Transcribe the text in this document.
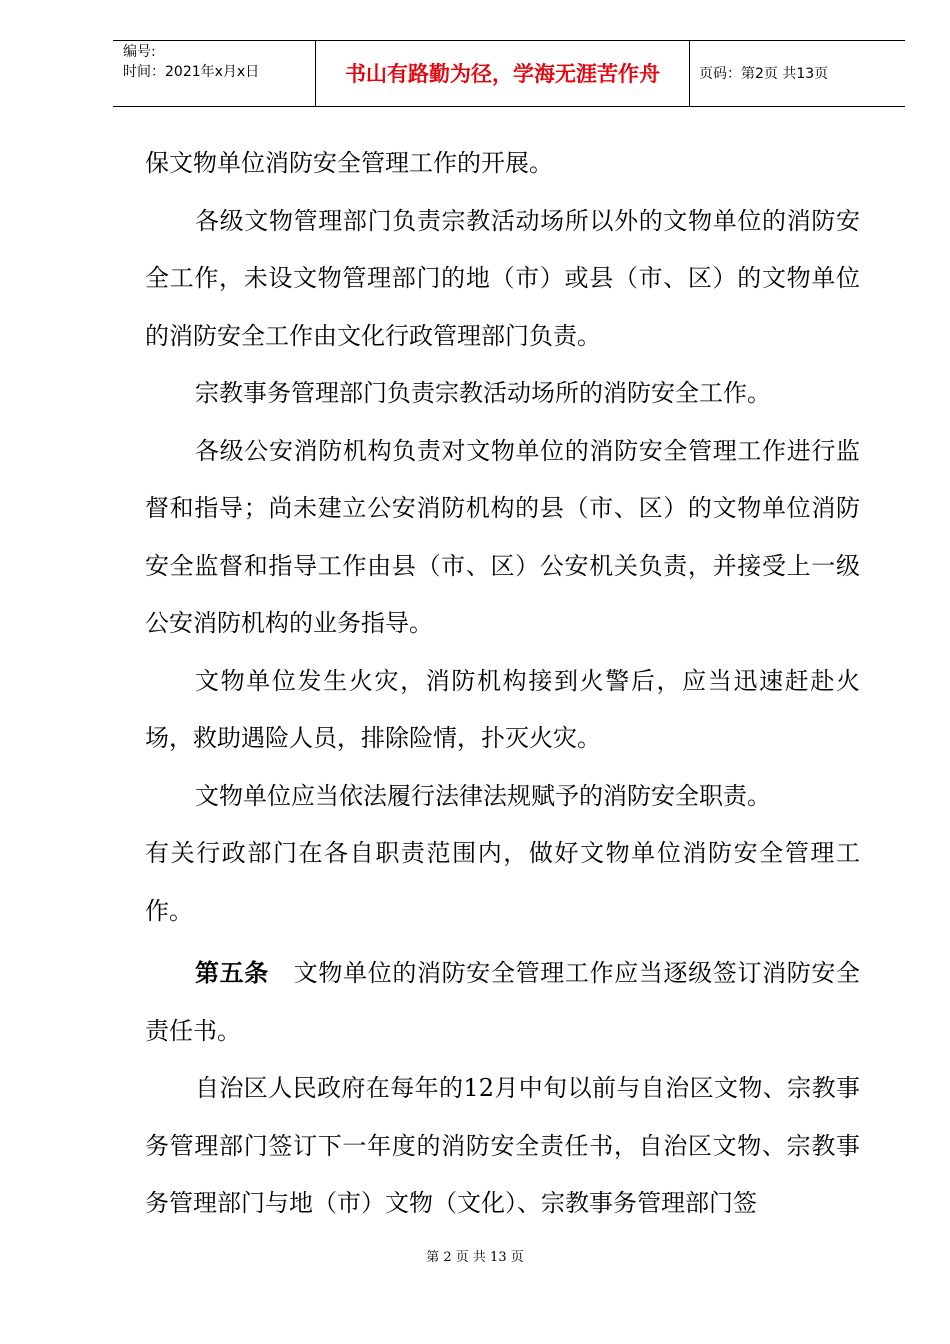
编号:
时间：2021年x月x日	书山有路勤为径，学海无涯苦作舟	页码：第2页 共13页

保文物单位消防安全管理工作的开展。

各级文物管理部门负责宗教活动场所以外的文物单位的消防安全工作，未设文物管理部门的地（市）或县（市、区）的文物单位的消防安全工作由文化行政管理部门负责。

宗教事务管理部门负责宗教活动场所的消防安全工作。

各级公安消防机构负责对文物单位的消防安全管理工作进行监督和指导；尚未建立公安消防机构的县（市、区）的文物单位消防安全监督和指导工作由县（市、区）公安机关负责，并接受上一级公安消防机构的业务指导。

文物单位发生火灾，消防机构接到火警后，应当迅速赶赴火场，救助遇险人员，排除险情，扑灭火灾。

文物单位应当依法履行法律法规赋予的消防安全职责。

有关行政部门在各自职责范围内，做好文物单位消防安全管理工作。

第五条 文物单位的消防安全管理工作应当逐级签订消防安全责任书。

自治区人民政府在每年的12月中旬以前与自治区文物、宗教事务管理部门签订下一年度的消防安全责任书，自治区文物、宗教事务管理部门与地（市）文物（文化）、宗教事务管理部门签

第 2 页 共 13 页
